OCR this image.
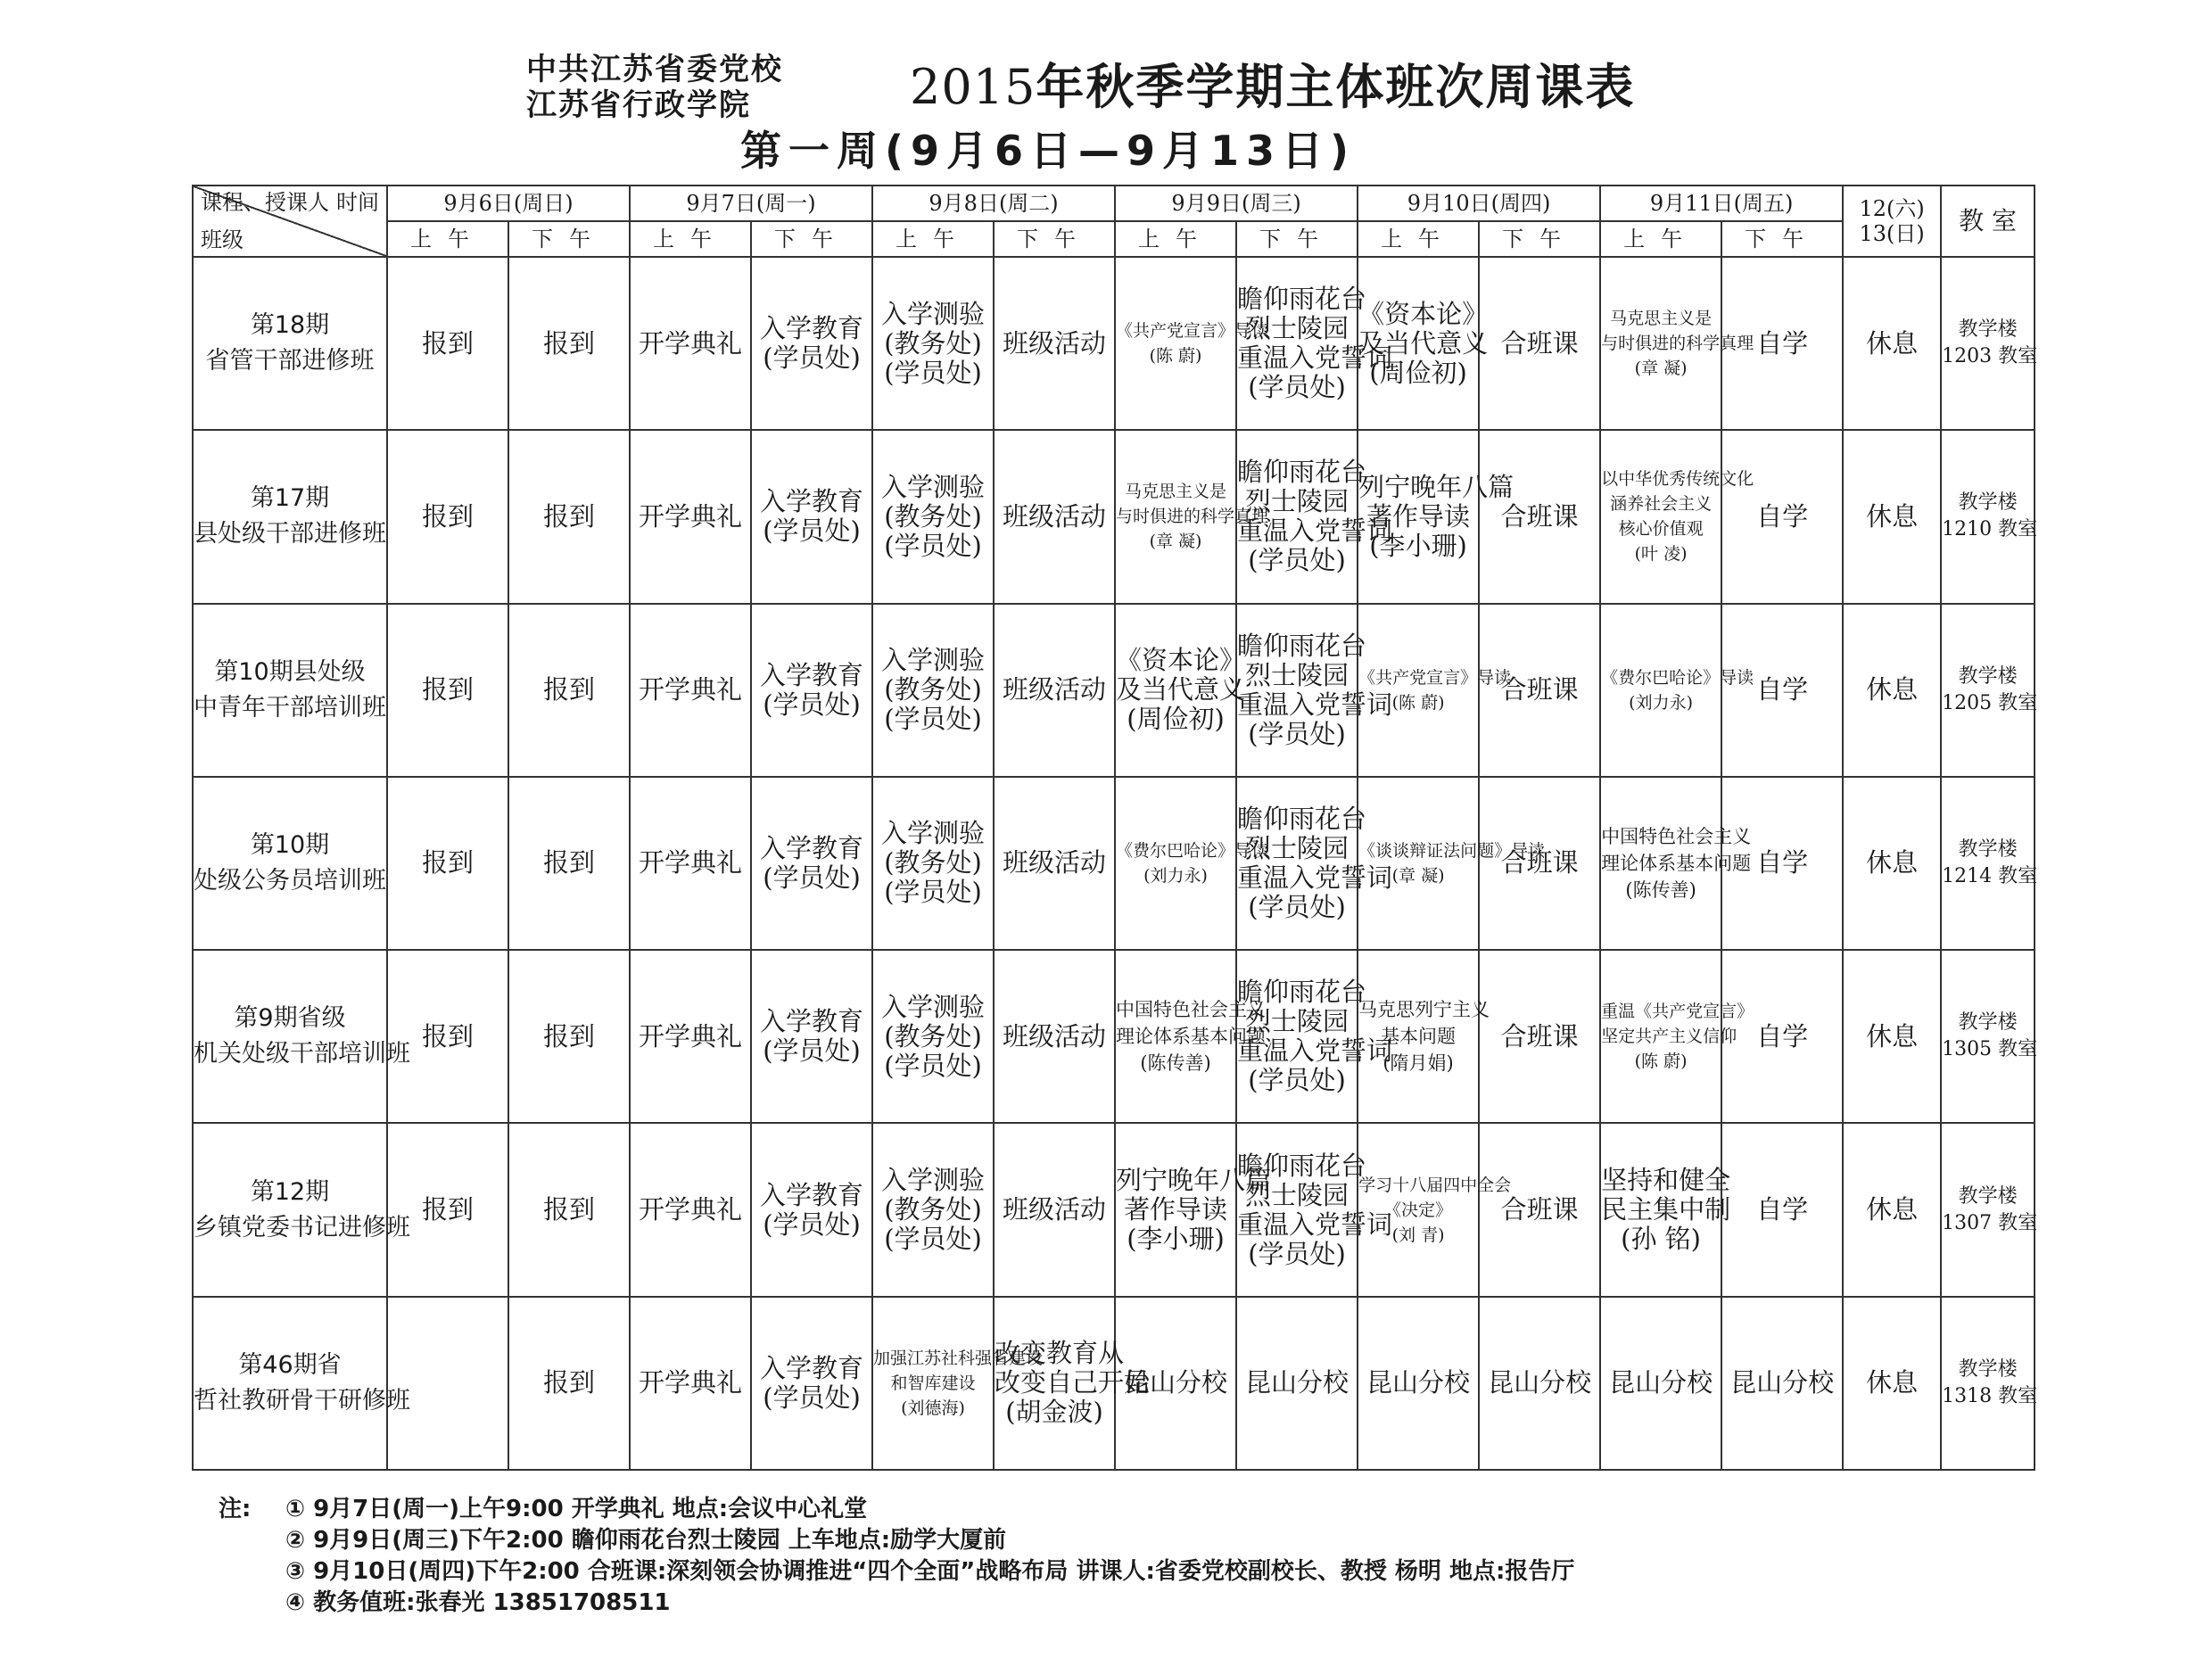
中共江苏省委党校
江苏省行政学院	2015年秋季学期主体班次周课表
第一周(9月6日—9月13日)
课程、授课人 时间
班级	9月6日(周日)		9月7日(周一)		9月8日(周二)		9月9日(周三)		9月10日(周四)		9月11日(周五)		12(六)
13(日)	教 室
	上午	下午	上午	下午	上午	下午	上午	下午	上午	下午	上午	下午		

第18期
省管干部进修班	报到	报到	开学典礼	入学教育
(学员处)	入学测验
(教务处)
(学员处)	班级活动	《共产党宣言》导读
(陈 蔚)	瞻仰雨花台
烈士陵园
重温入党誓词
(学员处)	《资本论》
及当代意义
(周俭初)	合班课	马克思主义是
与时俱进的科学真理
(章 凝)	自学	休息	教学楼
1203 教室

第17期
县处级干部进修班	报到	报到	开学典礼	入学教育
(学员处)	入学测验
(教务处)
(学员处)	班级活动	马克思主义是
与时俱进的科学真理
(章 凝)	瞻仰雨花台
烈士陵园
重温入党誓词
(学员处)	列宁晚年八篇
著作导读
(李小珊)	合班课	以中华优秀传统文化
涵养社会主义
核心价值观
(叶 凌)	自学	休息	教学楼
1210 教室

第10期县处级
中青年干部培训班	报到	报到	开学典礼	入学教育
(学员处)	入学测验
(教务处)
(学员处)	班级活动	《资本论》
及当代意义
(周俭初)	瞻仰雨花台
烈士陵园
重温入党誓词
(学员处)	《共产党宣言》导读
(陈 蔚)	合班课	《费尔巴哈论》导读
(刘力永)	自学	休息	教学楼
1205 教室

第10期
处级公务员培训班	报到	报到	开学典礼	入学教育
(学员处)	入学测验
(教务处)
(学员处)	班级活动	《费尔巴哈论》导读
(刘力永)	瞻仰雨花台
烈士陵园
重温入党誓词
(学员处)	《谈谈辩证法问题》导读
(章 凝)	合班课	中国特色社会主义
理论体系基本问题
(陈传善)	自学	休息	教学楼
1214 教室

第9期省级
机关处级干部培训班	报到	报到	开学典礼	入学教育
(学员处)	入学测验
(教务处)
(学员处)	班级活动	中国特色社会主义
理论体系基本问题
(陈传善)	瞻仰雨花台
烈士陵园
重温入党誓词
(学员处)	马克思列宁主义
基本问题
(隋月娟)	合班课	重温《共产党宣言》
坚定共产主义信仰
(陈 蔚)	自学	休息	教学楼
1305 教室

第12期
乡镇党委书记进修班	报到	报到	开学典礼	入学教育
(学员处)	入学测验
(教务处)
(学员处)	班级活动	列宁晚年八篇
著作导读
(李小珊)	瞻仰雨花台
烈士陵园
重温入党誓词
(学员处)	学习十八届四中全会
《决定》
(刘 青)	合班课	坚持和健全
民主集中制
(孙 铭)	自学	休息	教学楼
1307 教室

第46期省
哲社教研骨干研修班		报到	开学典礼	入学教育
(学员处)	加强江苏社科强省建设
和智库建设
(刘德海)	改变教育从
改变自己开始
(胡金波)	昆山分校	昆山分校	昆山分校	昆山分校	昆山分校	昆山分校	休息	教学楼
1318 教室
注: ① 9月7日(周一)上午9:00 开学典礼 地点:会议中心礼堂
② 9月9日(周三)下午2:00 瞻仰雨花台烈士陵园 上车地点:励学大厦前
③ 9月10日(周四)下午2:00 合班课:深刻领会协调推进“四个全面”战略布局 讲课人:省委党校副校长、教授 杨明 地点:报告厅
④ 教务值班:张春光 13851708511
